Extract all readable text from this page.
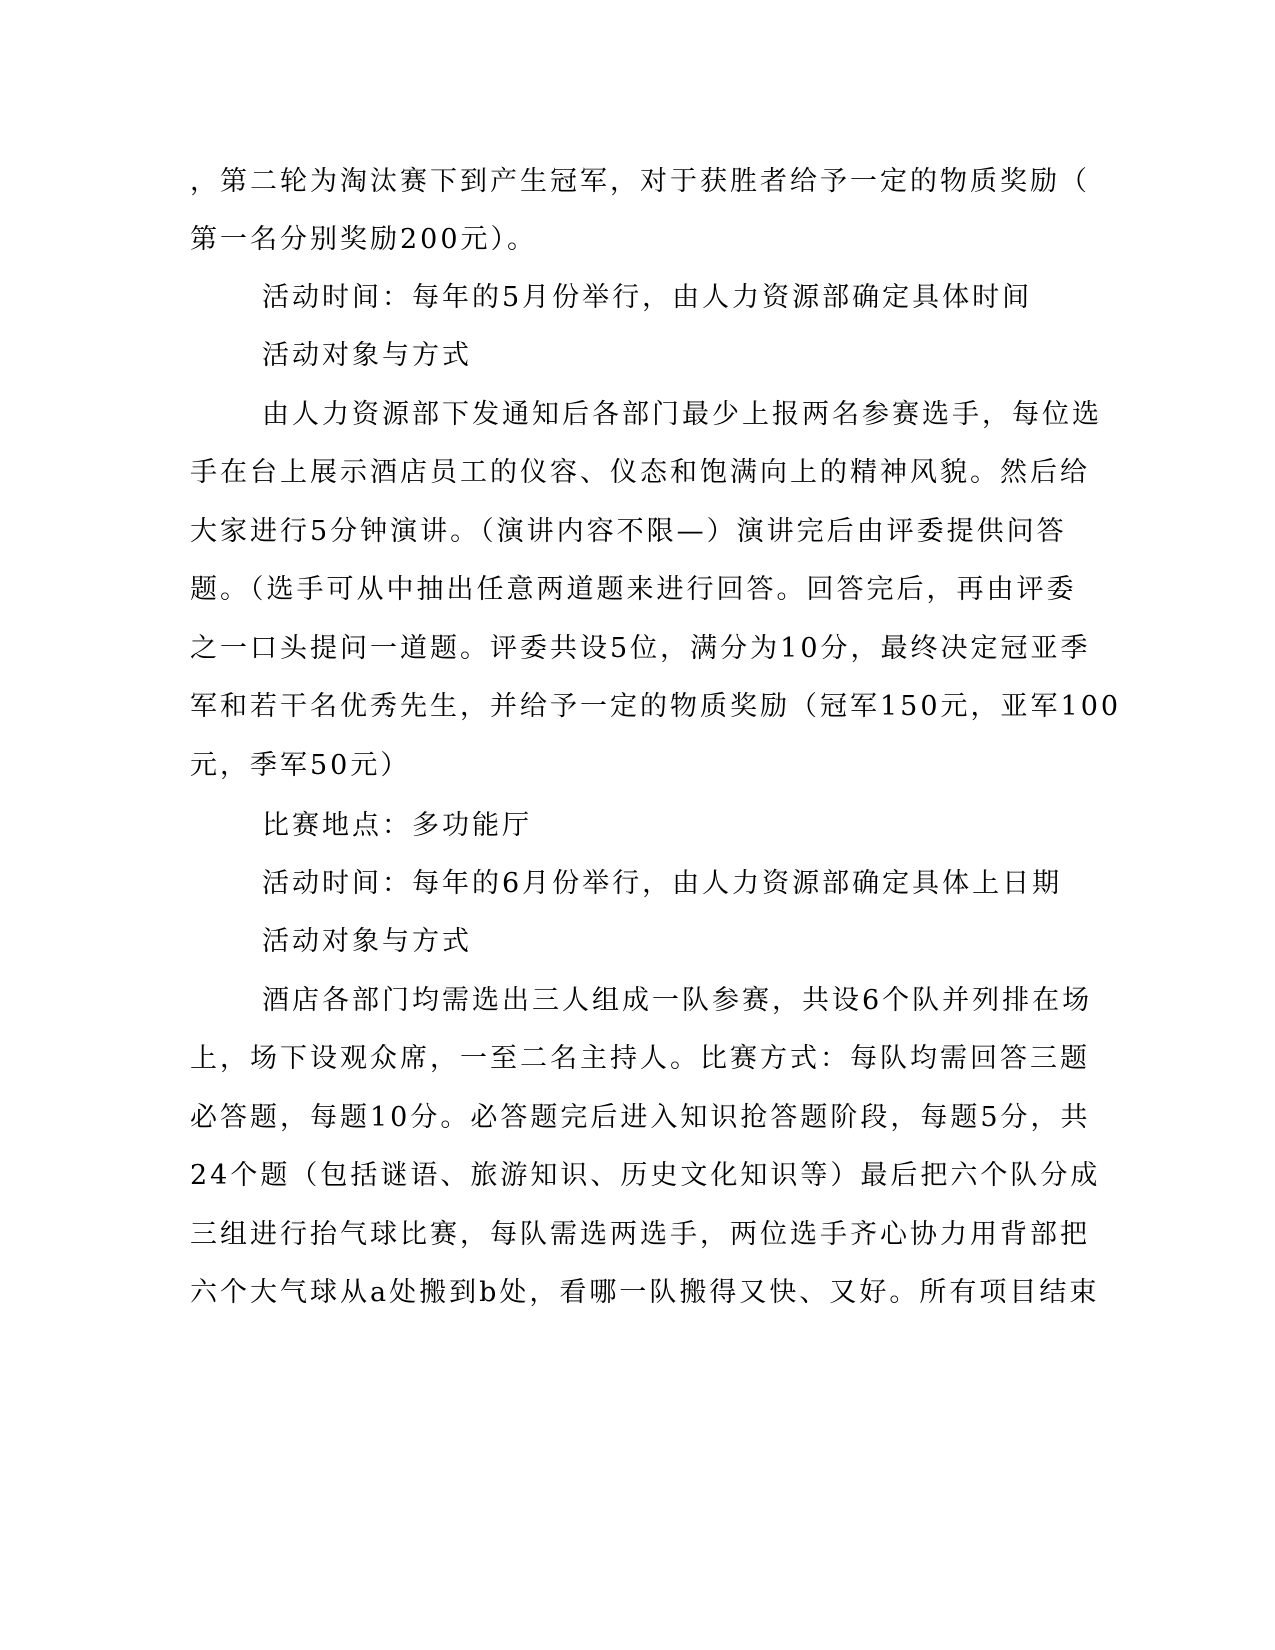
，第二轮为淘汰赛下到产生冠军，对于获胜者给予一定的物质奖励（

第一名分别奖励200元）。

活动时间：每年的5月份举行，由人力资源部确定具体时间

活动对象与方式

由人力资源部下发通知后各部门最少上报两名参赛选手，每位选

手在台上展示酒店员工的仪容、仪态和饱满向上的精神风貌。然后给

大家进行5分钟演讲。（演讲内容不限—）演讲完后由评委提供问答

题。（选手可从中抽出任意两道题来进行回答。回答完后，再由评委

之一口头提问一道题。评委共设5位，满分为10分，最终决定冠亚季

军和若干名优秀先生，并给予一定的物质奖励（冠军150元，亚军100

元，季军50元）

比赛地点：多功能厅

活动时间：每年的6月份举行，由人力资源部确定具体上日期

活动对象与方式

酒店各部门均需选出三人组成一队参赛，共设6个队并列排在场

上，场下设观众席，一至二名主持人。比赛方式：每队均需回答三题

必答题，每题10分。必答题完后进入知识抢答题阶段，每题5分，共

24个题（包括谜语、旅游知识、历史文化知识等）最后把六个队分成

三组进行抬气球比赛，每队需选两选手，两位选手齐心协力用背部把

六个大气球从a处搬到b处，看哪一队搬得又快、又好。所有项目结束
